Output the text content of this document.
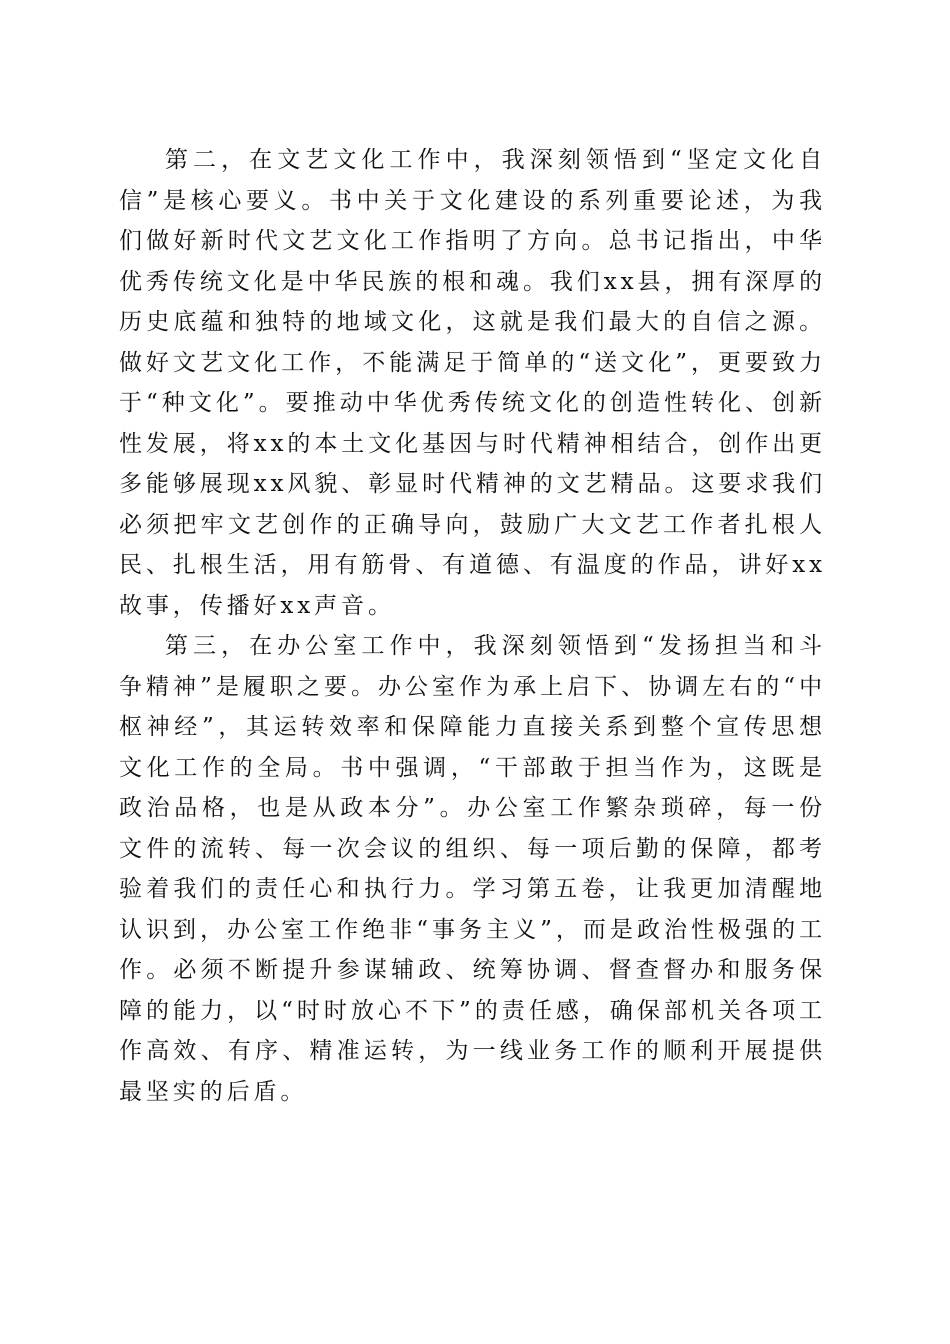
第二，在文艺文化工作中，我深刻领悟到“坚定文化自信”是核心要义。书中关于文化建设的系列重要论述，为我们做好新时代文艺文化工作指明了方向。总书记指出，中华优秀传统文化是中华民族的根和魂。我们xx县，拥有深厚的历史底蕴和独特的地域文化，这就是我们最大的自信之源。做好文艺文化工作，不能满足于简单的“送文化”，更要致力于“种文化”。要推动中华优秀传统文化的创造性转化、创新性发展，将xx的本土文化基因与时代精神相结合，创作出更多能够展现xx风貌、彰显时代精神的文艺精品。这要求我们必须把牢文艺创作的正确导向，鼓励广大文艺工作者扎根人民、扎根生活，用有筋骨、有道德、有温度的作品，讲好xx故事，传播好xx声音。

第三，在办公室工作中，我深刻领悟到“发扬担当和斗争精神”是履职之要。办公室作为承上启下、协调左右的“中枢神经”，其运转效率和保障能力直接关系到整个宣传思想文化工作的全局。书中强调，“干部敢于担当作为，这既是政治品格，也是从政本分”。办公室工作繁杂琐碎，每一份文件的流转、每一次会议的组织、每一项后勤的保障，都考验着我们的责任心和执行力。学习第五卷，让我更加清醒地认识到，办公室工作绝非“事务主义”，而是政治性极强的工作。必须不断提升参谋辅政、统筹协调、督查督办和服务保障的能力，以“时时放心不下”的责任感，确保部机关各项工作高效、有序、精准运转，为一线业务工作的顺利开展提供最坚实的后盾。
